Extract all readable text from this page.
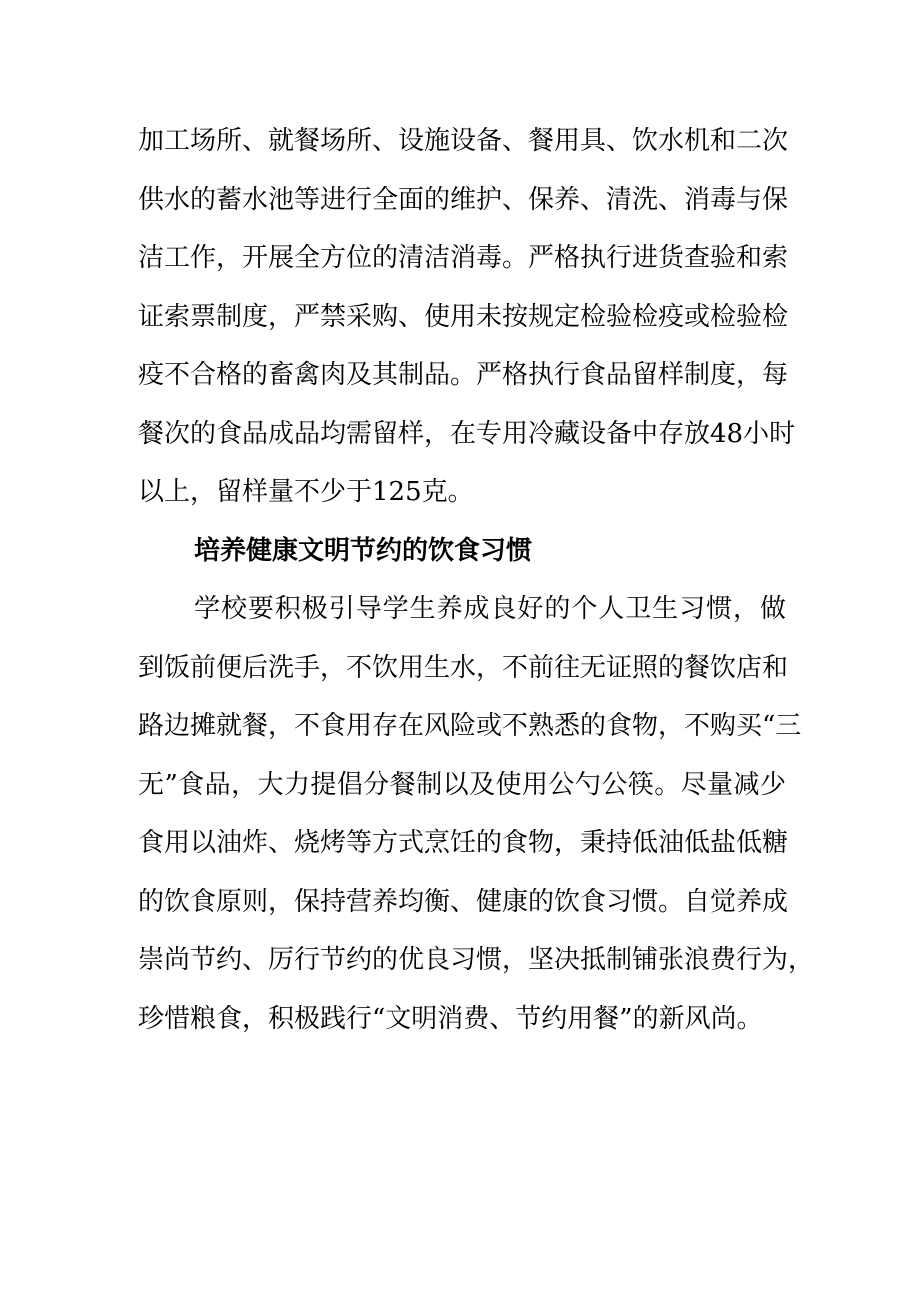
加工场所、就餐场所、设施设备、餐用具、饮水机和二次
供水的蓄水池等进行全面的维护、保养、清洗、消毒与保
洁工作，开展全方位的清洁消毒。严格执行进货查验和索
证索票制度，严禁采购、使用未按规定检验检疫或检验检
疫不合格的畜禽肉及其制品。严格执行食品留样制度，每
餐次的食品成品均需留样，在专用冷藏设备中存放48小时
以上，留样量不少于125克。
培养健康文明节约的饮食习惯
学校要积极引导学生养成良好的个人卫生习惯，做
到饭前便后洗手，不饮用生水，不前往无证照的餐饮店和
路边摊就餐，不食用存在风险或不熟悉的食物，不购买“三
无”食品，大力提倡分餐制以及使用公勺公筷。尽量减少
食用以油炸、烧烤等方式烹饪的食物，秉持低油低盐低糖
的饮食原则，保持营养均衡、健康的饮食习惯。自觉养成
崇尚节约、厉行节约的优良习惯，坚决抵制铺张浪费行为，
珍惜粮食，积极践行“文明消费、节约用餐”的新风尚。
